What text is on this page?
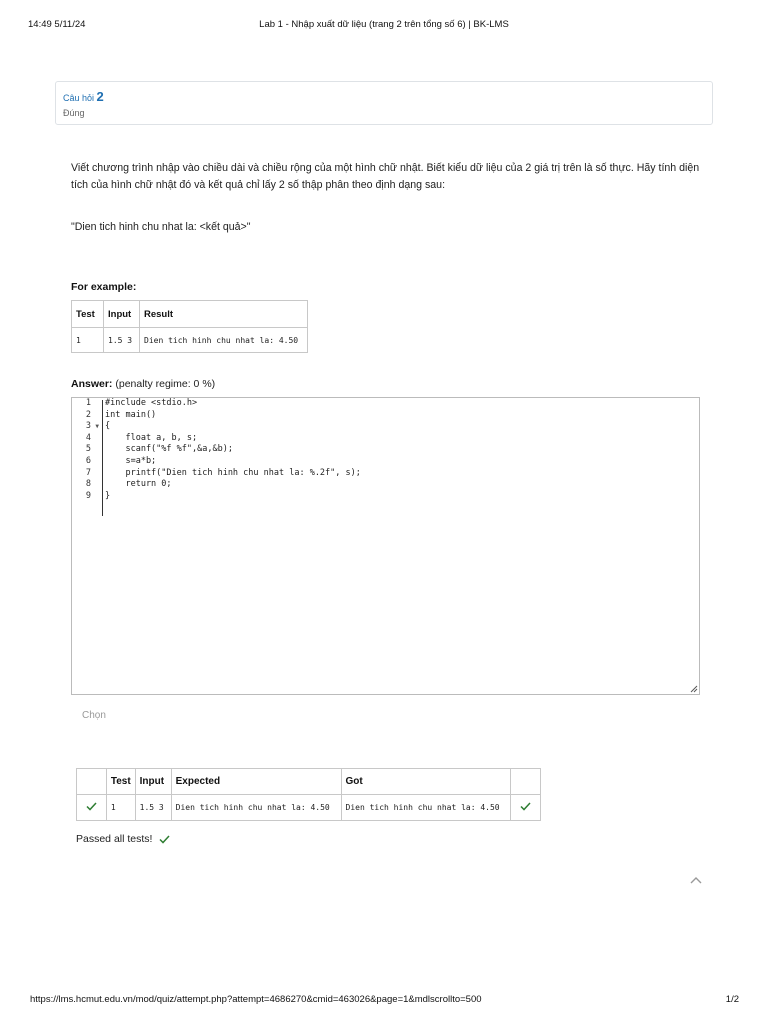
14:49 5/11/24	Lab 1 - Nhập xuất dữ liệu (trang 2 trên tổng số 6) | BK-LMS
Câu hỏi 2
Đúng
Viết chương trình nhập vào chiều dài và chiều rộng của một hình chữ nhật. Biết kiểu dữ liệu của 2 giá trị trên là số thực. Hãy tính diện tích của hình chữ nhật đó và kết quả chỉ lấy 2 số thập phân theo định dạng sau:
"Dien tich hinh chu nhat la: <kết quả>"
For example:
Test	Input	Result
1	1.5 3	Dien tich hinh chu nhat la: 4.50
Answer: (penalty regime: 0 %)
1
2
3 ▼
4
5
6
7
8
9
#include <stdio.h>
int main()
{
float a, b, s;
scanf("%f %f",&a,&b);
s=a*b;
printf("Dien tich hinh chu nhat la: %.2f", s);
return 0;
}
Chọn
	Test	Input	Expected	Got	
	1	1.5 3	Dien tich hinh chu nhat la: 4.50	Dien tich hinh chu nhat la: 4.50	
Passed all tests!
https://lms.hcmut.edu.vn/mod/quiz/attempt.php?attempt=4686270&cmid=463026&page=1&mdlscrollto=500	1/2
